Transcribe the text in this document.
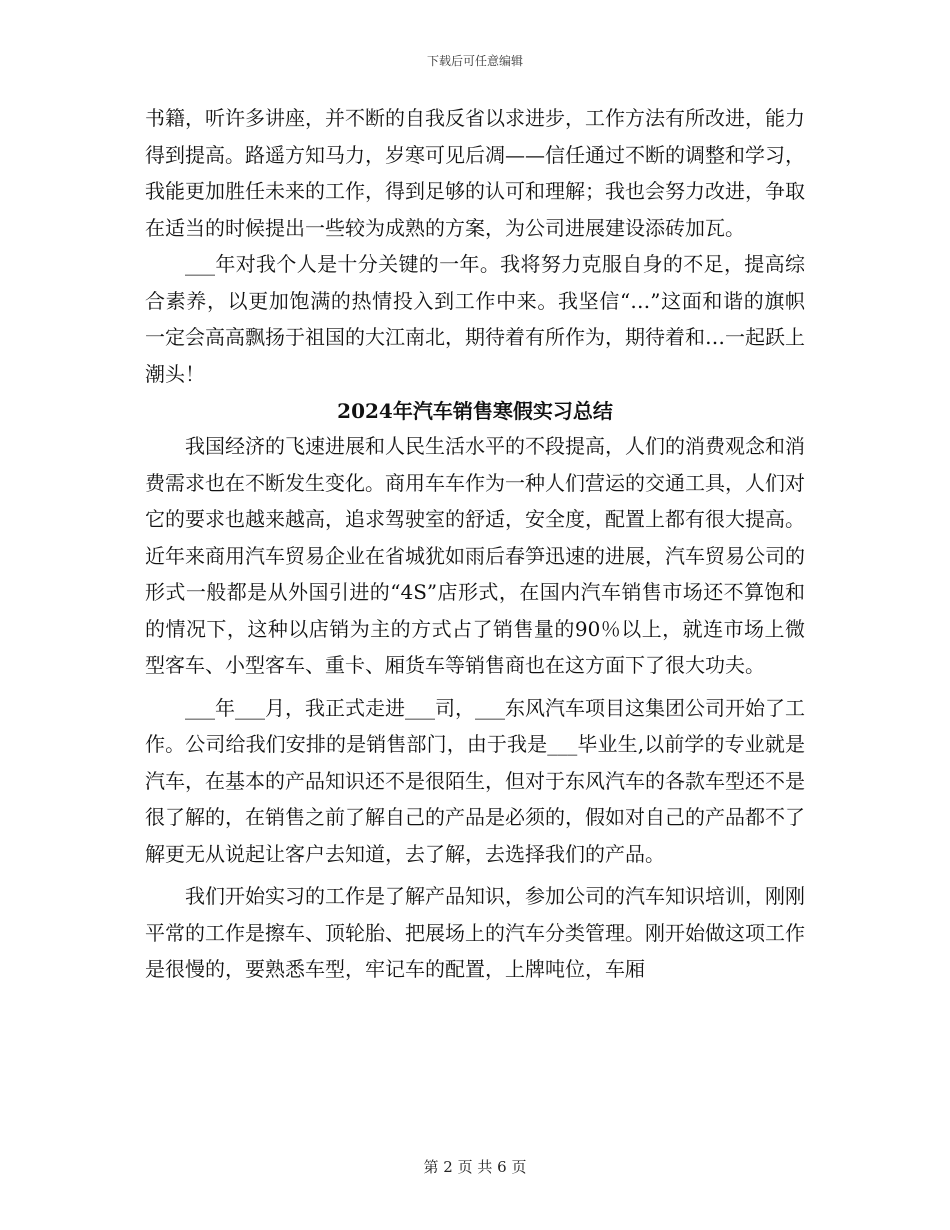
下载后可任意编辑

书籍，听许多讲座，并不断的自我反省以求进步，工作方法有所改进，能力得到提高。路遥方知马力，岁寒可见后凋——信任通过不断的调整和学习，我能更加胜任未来的工作，得到足够的认可和理解；我也会努力改进，争取在适当的时候提出一些较为成熟的方案，为公司进展建设添砖加瓦。

___年对我个人是十分关键的一年。我将努力克服自身的不足，提高综合素养，以更加饱满的热情投入到工作中来。我坚信“…”这面和谐的旗帜一定会高高飘扬于祖国的大江南北，期待着有所作为，期待着和…一起跃上潮头！

2024年汽车销售寒假实习总结

我国经济的飞速进展和人民生活水平的不段提高，人们的消费观念和消费需求也在不断发生变化。商用车车作为一种人们营运的交通工具，人们对它的要求也越来越高，追求驾驶室的舒适，安全度，配置上都有很大提高。近年来商用汽车贸易企业在省城犹如雨后春笋迅速的进展，汽车贸易公司的形式一般都是从外国引进的“4S”店形式，在国内汽车销售市场还不算饱和的情况下，这种以店销为主的方式占了销售量的90％以上，就连市场上微型客车、小型客车、重卡、厢货车等销售商也在这方面下了很大功夫。

___年___月，我正式走进___司，___东风汽车项目这集团公司开始了工作。公司给我们安排的是销售部门，由于我是___毕业生,以前学的专业就是汽车，在基本的产品知识还不是很陌生，但对于东风汽车的各款车型还不是很了解的，在销售之前了解自己的产品是必须的，假如对自己的产品都不了解更无从说起让客户去知道，去了解，去选择我们的产品。

我们开始实习的工作是了解产品知识，参加公司的汽车知识培训，刚刚平常的工作是擦车、顶轮胎、把展场上的汽车分类管理。刚开始做这项工作是很慢的，要熟悉车型，牢记车的配置，上牌吨位，车厢

第 2 页 共 6 页
